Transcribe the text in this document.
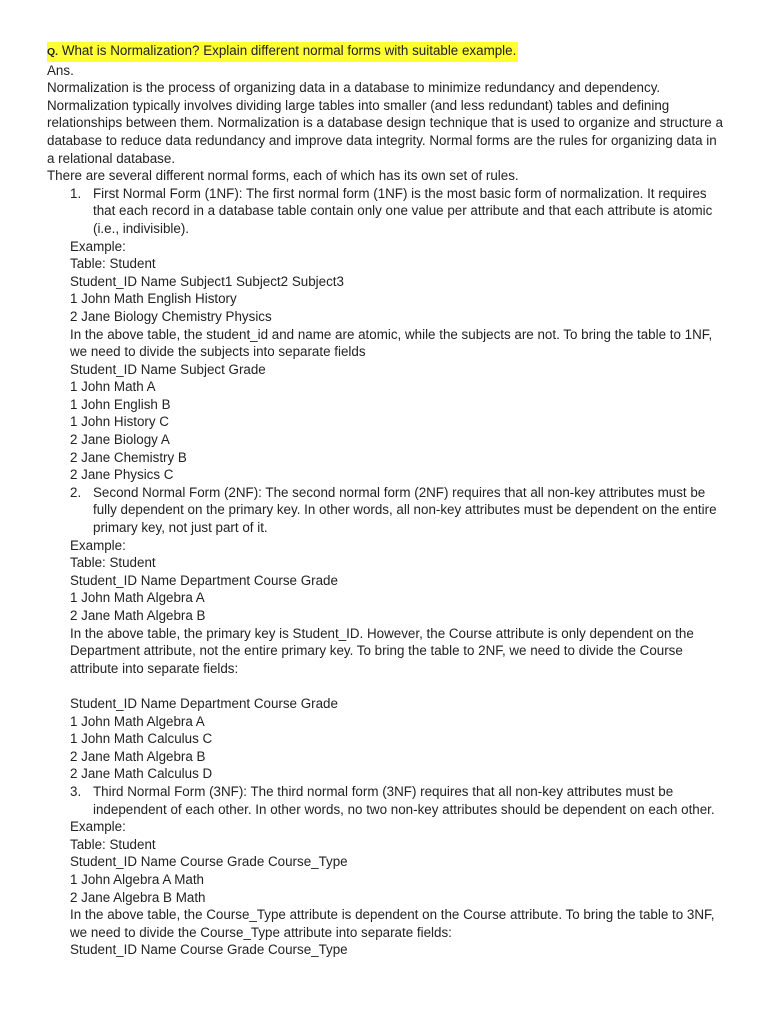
Q. What is Normalization? Explain different normal forms with suitable example.
Ans.
Normalization is the process of organizing data in a database to minimize redundancy and dependency. Normalization typically involves dividing large tables into smaller (and less redundant) tables and defining relationships between them. Normalization is a database design technique that is used to organize and structure a database to reduce data redundancy and improve data integrity. Normal forms are the rules for organizing data in a relational database.
There are several different normal forms, each of which has its own set of rules.
1. First Normal Form (1NF): The first normal form (1NF) is the most basic form of normalization. It requires that each record in a database table contain only one value per attribute and that each attribute is atomic (i.e., indivisible).
Example:
Table: Student
Student_ID Name Subject1 Subject2 Subject3
1 John Math English History
2 Jane Biology Chemistry Physics
In the above table, the student_id and name are atomic, while the subjects are not. To bring the table to 1NF, we need to divide the subjects into separate fields
Student_ID Name Subject Grade
1 John Math A
1 John English B
1 John History C
2 Jane Biology A
2 Jane Chemistry B
2 Jane Physics C
2. Second Normal Form (2NF): The second normal form (2NF) requires that all non-key attributes must be fully dependent on the primary key. In other words, all non-key attributes must be dependent on the entire primary key, not just part of it.
Example:
Table: Student
Student_ID Name Department Course Grade
1 John Math Algebra A
2 Jane Math Algebra B
In the above table, the primary key is Student_ID. However, the Course attribute is only dependent on the Department attribute, not the entire primary key. To bring the table to 2NF, we need to divide the Course attribute into separate fields:
Student_ID Name Department Course Grade
1 John Math Algebra A
1 John Math Calculus C
2 Jane Math Algebra B
2 Jane Math Calculus D
3. Third Normal Form (3NF): The third normal form (3NF) requires that all non-key attributes must be independent of each other. In other words, no two non-key attributes should be dependent on each other.
Example:
Table: Student
Student_ID Name Course Grade Course_Type
1 John Algebra A Math
2 Jane Algebra B Math
In the above table, the Course_Type attribute is dependent on the Course attribute. To bring the table to 3NF, we need to divide the Course_Type attribute into separate fields:
Student_ID Name Course Grade Course_Type
